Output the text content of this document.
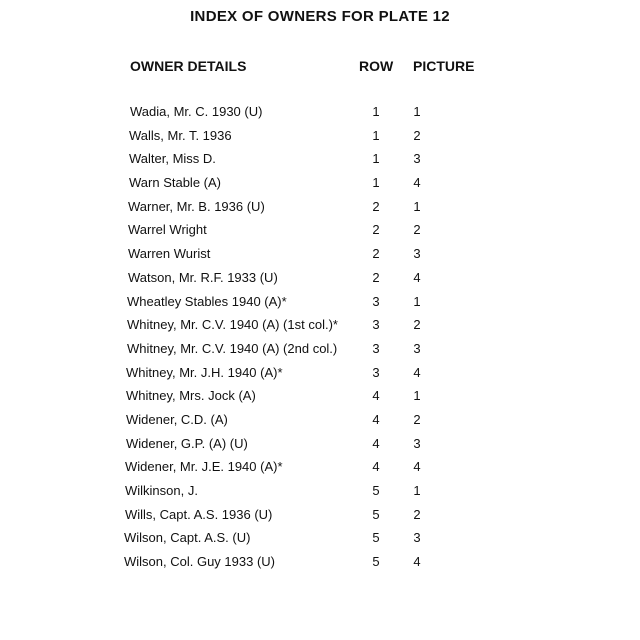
INDEX OF OWNERS FOR PLATE 12
OWNER DETAILS	ROW PICTURE
Wadia, Mr. C. 1930 (U)	1	1
Walls, Mr. T. 1936	1	2
Walter, Miss D.	1	3
Warn Stable (A)	1	4
Warner, Mr. B. 1936 (U)	2	1
Warrel Wright	2	2
Warren Wurist	2	3
Watson, Mr. R.F. 1933 (U)	2	4
Wheatley Stables 1940 (A)*	3	1
Whitney, Mr. C.V. 1940 (A) (1st col.)*	3	2
Whitney, Mr. C.V. 1940 (A) (2nd col.)	3	3
Whitney, Mr. J.H. 1940 (A)*	3	4
Whitney, Mrs. Jock (A)	4	1
Widener, C.D. (A)	4	2
Widener, G.P. (A) (U)	4	3
Widener, Mr. J.E. 1940 (A)*	4	4
Wilkinson, J.	5	1
Wills, Capt. A.S. 1936 (U)	5	2
Wilson, Capt. A.S. (U)	5	3
Wilson, Col. Guy 1933 (U)	5	4
